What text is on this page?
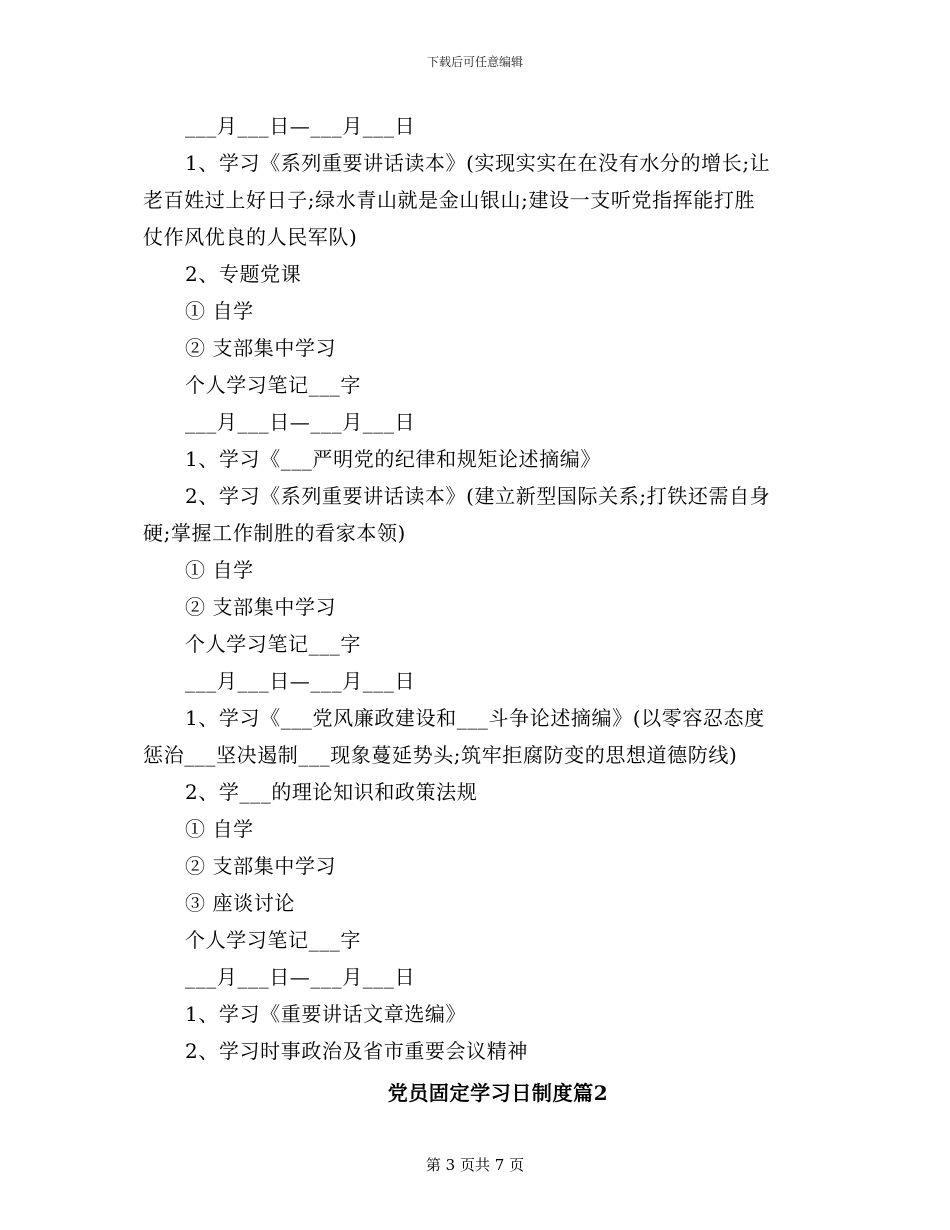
下载后可任意编辑
___月___日—___月___日
1、学习《系列重要讲话读本》(实现实实在在没有水分的增长;让
老百姓过上好日子;绿水青山就是金山银山;建设一支听党指挥能打胜
仗作风优良的人民军队)
2、专题党课
① 自学
② 支部集中学习
个人学习笔记___字
___月___日—___月___日
1、学习《___严明党的纪律和规矩论述摘编》
2、学习《系列重要讲话读本》(建立新型国际关系;打铁还需自身
硬;掌握工作制胜的看家本领)
① 自学
② 支部集中学习
个人学习笔记___字
___月___日—___月___日
1、学习《___党风廉政建设和___斗争论述摘编》(以零容忍态度
惩治___坚决遏制___现象蔓延势头;筑牢拒腐防变的思想道德防线)
2、学___的理论知识和政策法规
① 自学
② 支部集中学习
③ 座谈讨论
个人学习笔记___字
___月___日—___月___日
1、学习《重要讲话文章选编》
2、学习时事政治及省市重要会议精神
党员固定学习日制度篇2
第 3 页共 7 页
